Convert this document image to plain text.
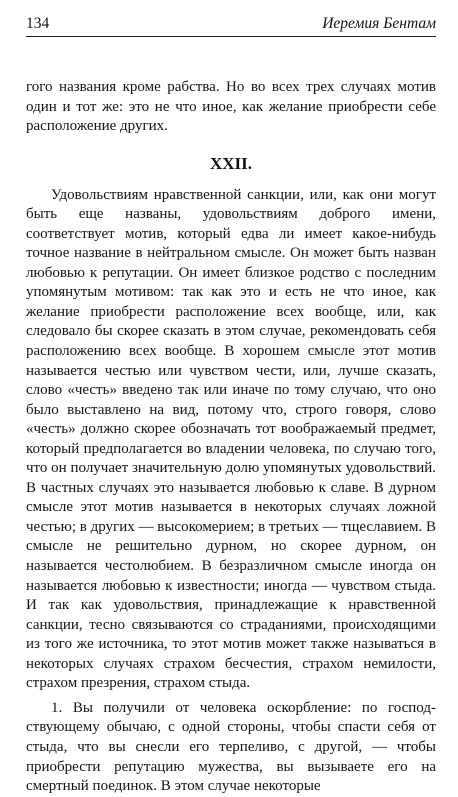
134	Иеремия Бентам

гого названия кроме рабства. Но во всех трех случаях мотив один и тот же: это не что иное, как желание приобрести себе расположение других.

XXII.

Удовольствиям нравственной санкции, или, как они могут быть еще названы, удовольствиям доброго имени, соответствует мотив, который едва ли имеет какое-нибудь точное название в нейтральном смысле. Он может быть назван любовью к репутации. Он имеет близкое родство с последним упомянутым мотивом: так как это и есть не что иное, как желание приобрести расположение всех вообще, или, как следовало бы скорее сказать в этом случае, рекомендовать себя расположению всех вообще. В хорошем смысле этот мотив называется честью или чувством чести, или, лучше сказать, слово «честь» введено так или иначе по тому случаю, что оно было выставлено на вид, потому что, строго говоря, слово «честь» должно скорее обозначать тот воображаемый предмет, который предполагается во владении человека, по случаю того, что он получает значительную долю упомянутых удовольствий. В частных случаях это называется любовью к славе. В дурном смысле этот мотив называется в некоторых случаях ложной честью; в других — высокомерием; в третьих — тщеславием. В смысле не решительно дурном, но скорее дурном, он называется честолюбием. В безразличном смысле иногда он называется любовью к известности; иногда — чувством стыда. И так как удовольствия, принадлежащие к нравственной санкции, тесно связываются со страданиями, происходящими из того же источника, то этот мотив может также называться в некоторых случаях страхом бесчестия, страхом немилости, страхом презрения, страхом стыда.

1. Вы получили от человека оскорбление: по господствующему обычаю, с одной стороны, чтобы спасти себя от стыда, что вы снесли его терпеливо, с другой, — чтобы приобрести репутацию мужества, вы вызываете его на смертный поединок. В этом случае некоторые
